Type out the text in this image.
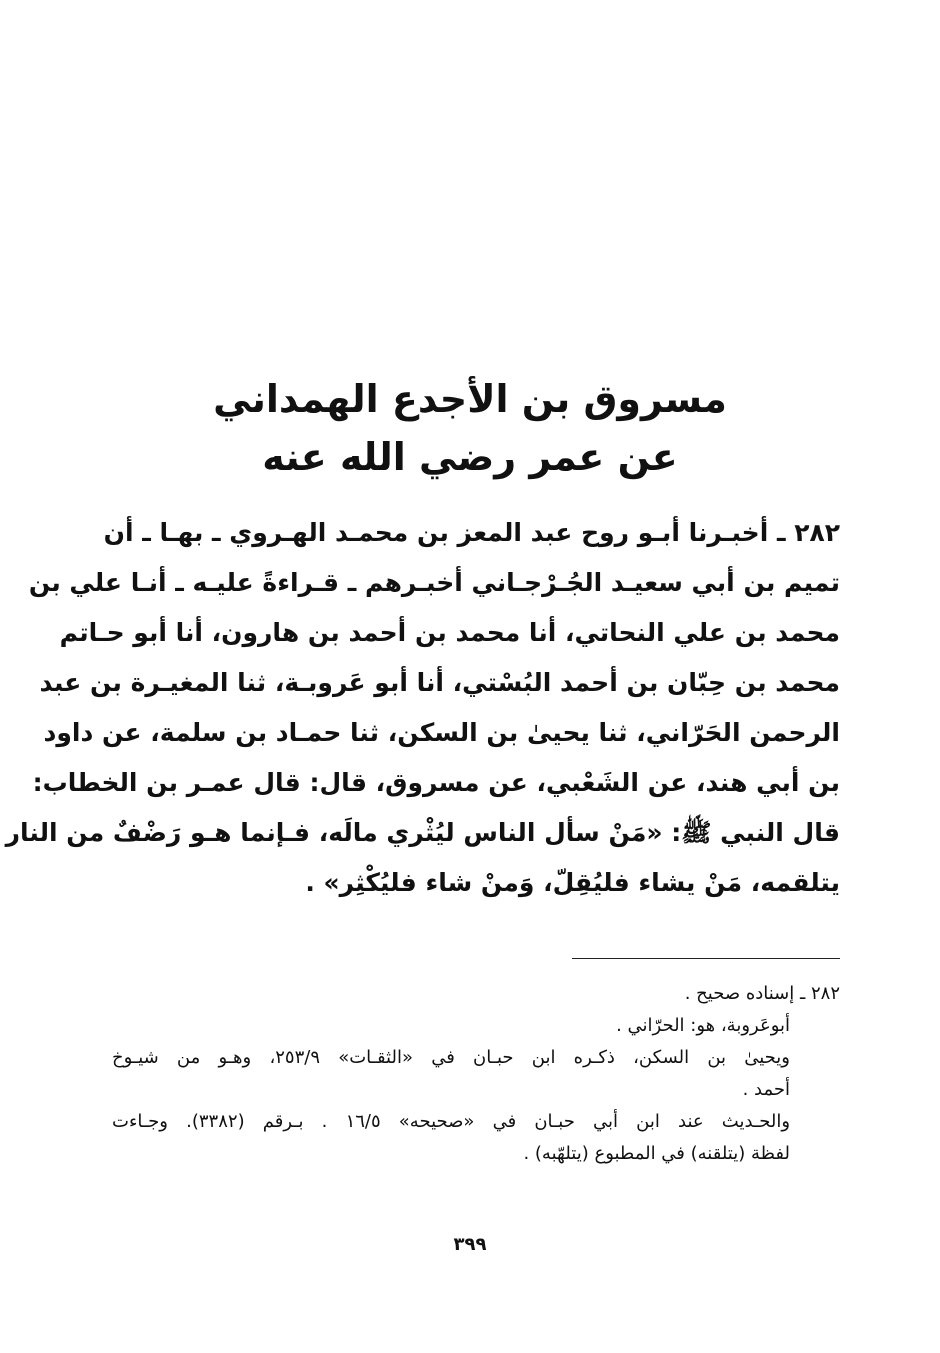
مسروق بن الأجدع الهمداني
عن عمر رضي الله عنه
٢٨٢ ـ أخبـرنا أبـو روح عبد المعز بن محمـد الهـروي ـ بهـا ـ أن
تميم بن أبي سعيـد الجُـرْجـاني أخبـرهم ـ قـراءةً عليـه ـ أنـا علي بن
محمد بن علي النحاتي، أنا محمد بن أحمد بن هارون، أنا أبو حـاتم
محمد بن حِبّان بن أحمد البُسْتي، أنا أبو عَروبـة، ثنا المغيـرة بن عبد
الرحمن الحَرّاني، ثنا يحيىٰ بن السكن، ثنا حمـاد بن سلمة، عن داود
بن أبي هند، عن الشَعْبي، عن مسروق، قال: قال عمـر بن الخطاب:
قال النبي ﷺ: «مَنْ سأل الناس ليُثْري مالَه، فـإنما هـو رَضْفٌ من النار
يتلقمه، مَنْ يشاء فليُقِلّ، وَمنْ شاء فليُكْثِر» .
٢٨٢ ـ إسناده صحيح .
أبوعَروبة، هو: الحرّاني .
ويحيىٰ بن السكن، ذكـره ابن حبـان في «الثقـات» ٢٥٣/٩، وهـو من شيـوخ
أحمد .
والحـديث عند ابن أبي حبـان في «صحيحه» ١٦/٥ . بـرقم (٣٣٨٢). وجـاءت
لفظة (يتلقنه) في المطبوع (يتلهّبه) .
٣٩٩
